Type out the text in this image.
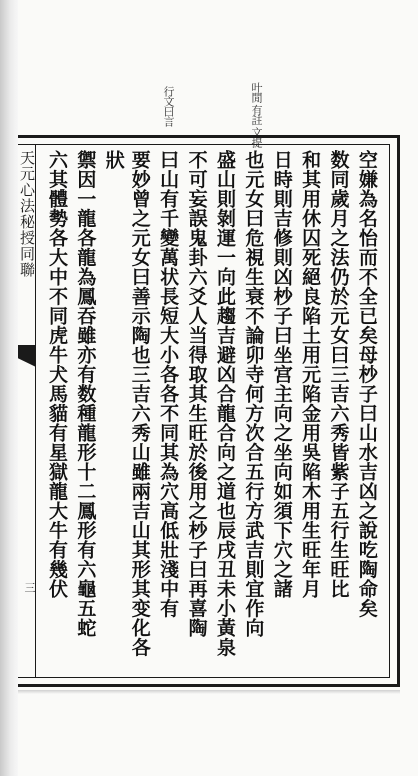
行文曰言	叶閒 有註 文提
天元心法秘授同聯
三	空嫌為名怡而不全已矣母杪子曰山水吉凶之說吃陶命矣
数同歲月之法仍於元女曰三吉六秀皆紫子五行生旺比
和其用休囚死絕良陷土用元陷金用吳陷木用生旺年月
日時則吉修則凶杪子曰坐宫主向之坐向如須下穴之諸
也元女曰危視生衰不論卯寺何方次合五行方武吉則宜作向
盛山則剝運一向此趨吉避凶合龍合向之道也辰戌丑未小黃泉
不可妄誤鬼卦六爻人当得取其生旺於後用之杪子曰再喜陶
曰山有千變萬状長短大小各各不同其為穴高低壯淺中有
要妙曾之元女曰善示陶也三吉六秀山雖兩吉山其形其变化各狀
禦因一龍各龍為鳳吞雖亦有数種龍形十二鳳形有六龜五蛇
六其體勢各大中不同虎牛犬馬貓有星獄龍大牛有幾伏
